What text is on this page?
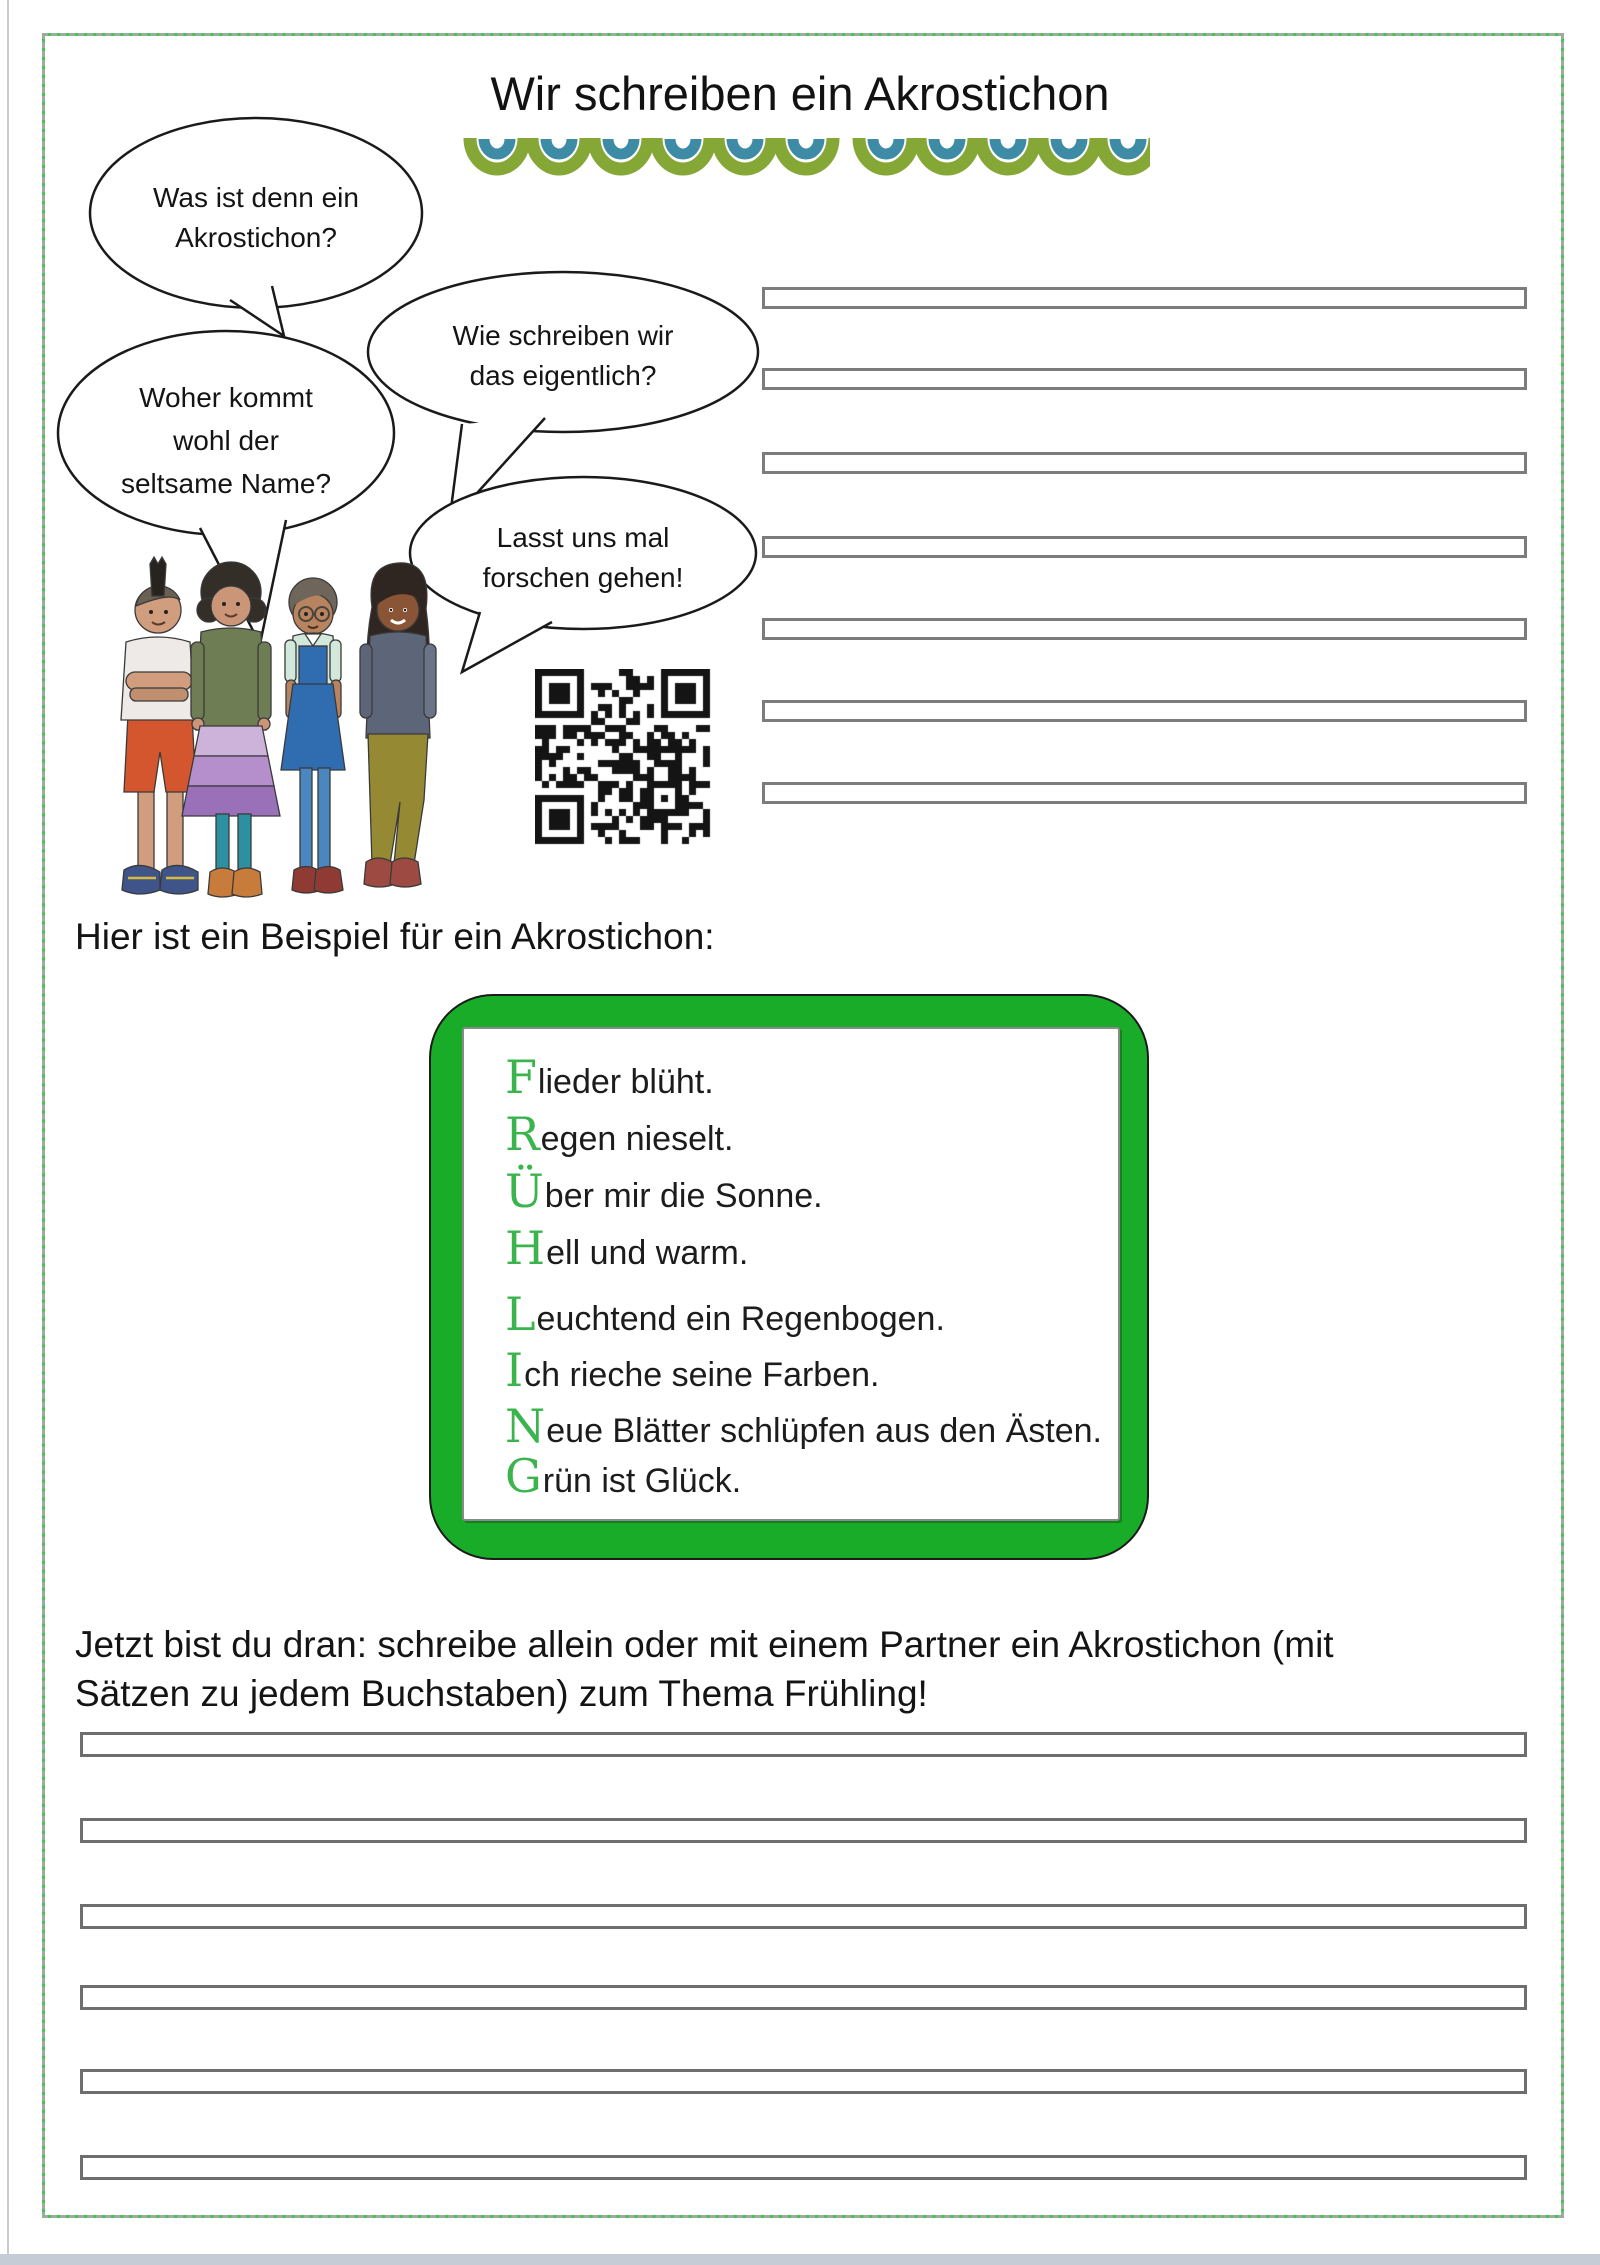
Wir schreiben ein Akrostichon
Was ist denn ein
Akrostichon?
Wie schreiben wir
das eigentlich?
Woher kommt
wohl der
seltsame Name?
Lasst uns mal
forschen gehen!
Hier ist ein Beispiel für ein Akrostichon:
F lieder blüht.
R egen nieselt.
Ü ber mir die Sonne.
H ell und warm.
L euchtend ein Regenbogen.
I ch rieche seine Farben.
N eue Blätter schlüpfen aus den Ästen.
G rün ist Glück.
Jetzt bist du dran: schreibe allein oder mit einem Partner ein Akrostichon (mit
Sätzen zu jedem Buchstaben) zum Thema Frühling!
